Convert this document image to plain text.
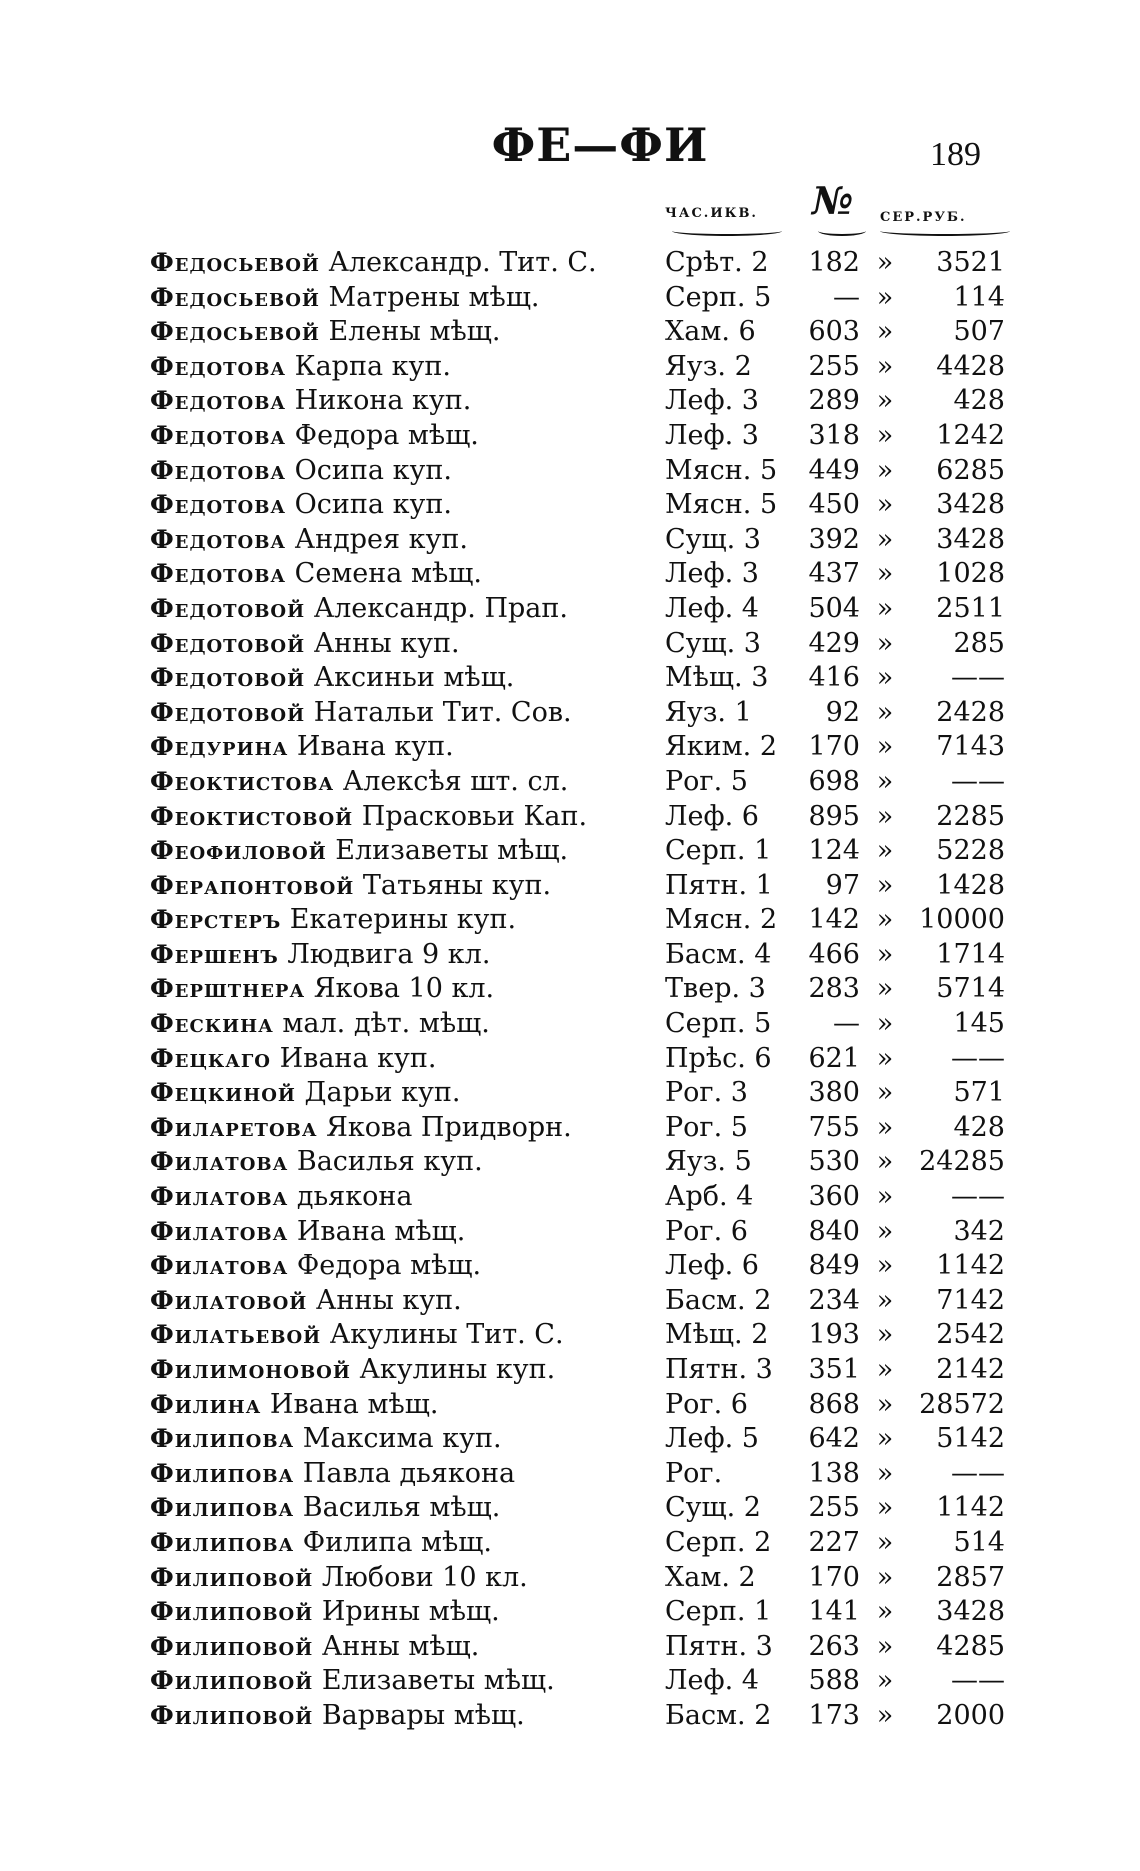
ФЕ—ФИ	189
ЧАС.ИКВ.	№ СЕР.РУБ.
Федосьевой Александр. Тит. С.	Срѣт. 2	182 »	3521
Федосьевой Матрены мѣщ.	Серп. 5	— »	114
Федосьевой Елены мѣщ.	Хам. 6	603 »	507
Федотова Карпа куп.	Яуз. 2	255 »	4428
Федотова Никона куп.	Леф. 3	289 »	428
Федотова Федора мѣщ.	Леф. 3	318 »	1242
Федотова Осипа куп.	Мясн. 5	449 »	6285
Федотова Осипа куп.	Мясн. 5	450 »	3428
Федотова Андрея куп.	Сущ. 3	392 »	3428
Федотова Семена мѣщ.	Леф. 3	437 »	1028
Федотовой Александр. Прап.	Леф. 4	504 »	2511
Федотовой Анны куп.	Сущ. 3	429 »	285
Федотовой Аксиньи мѣщ.	Мѣщ. 3	416 »	——
Федотовой Натальи Тит. Сов.	Яуз. 1	92 »	2428
Федурина Ивана куп.	Яким. 2	170 »	7143
Феоктистова Алексѣя шт. сл.	Рог. 5	698 »	——
Феоктистовой Прасковьи Кап.	Леф. 6	895 »	2285
Феофиловой Елизаветы мѣщ.	Серп. 1	124 »	5228
Ферапонтовой Татьяны куп.	Пятн. 1	97 »	1428
Ферстеръ Екатерины куп.	Мясн. 2	142 » 10000
Фершенъ Людвига 9 кл.	Басм. 4	466 »	1714
Ферштнера Якова 10 кл.	Твер. 3	283 »	5714
Фескина мал. дѣт. мѣщ.	Серп. 5	— »	145
Фецкаго Ивана куп.	Прѣс. 6	621 »	——
Фецкиной Дарьи куп.	Рог. 3	380 »	571
Филаретова Якова Придворн.	Рог. 5	755 »	428
Филатова Василья куп.	Яуз. 5	530 » 24285
Филатова дьякона	Арб. 4	360 »	——
Филатова Ивана мѣщ.	Рог. 6	840 »	342
Филатова Федора мѣщ.	Леф. 6	849 »	1142
Филатовой Анны куп.	Басм. 2	234 »	7142
Филатьевой Акулины Тит. С.	Мѣщ. 2	193 »	2542
Филимоновой Акулины куп.	Пятн. 3	351 »	2142
Филина Ивана мѣщ.	Рог. 6	868 » 28572
Филипова Максима куп.	Леф. 5	642 »	5142
Филипова Павла дьякона	Рог.	138 »	——
Филипова Василья мѣщ.	Сущ. 2	255 »	1142
Филипова Филипа мѣщ.	Серп. 2	227 »	514
Филиповой Любови 10 кл.	Хам. 2	170 »	2857
Филиповой Ирины мѣщ.	Серп. 1	141 »	3428
Филиповой Анны мѣщ.	Пятн. 3	263 »	4285
Филиповой Елизаветы мѣщ.	Леф. 4	588 »	——
Филиповой Варвары мѣщ.	Басм. 2	173 »	2000
